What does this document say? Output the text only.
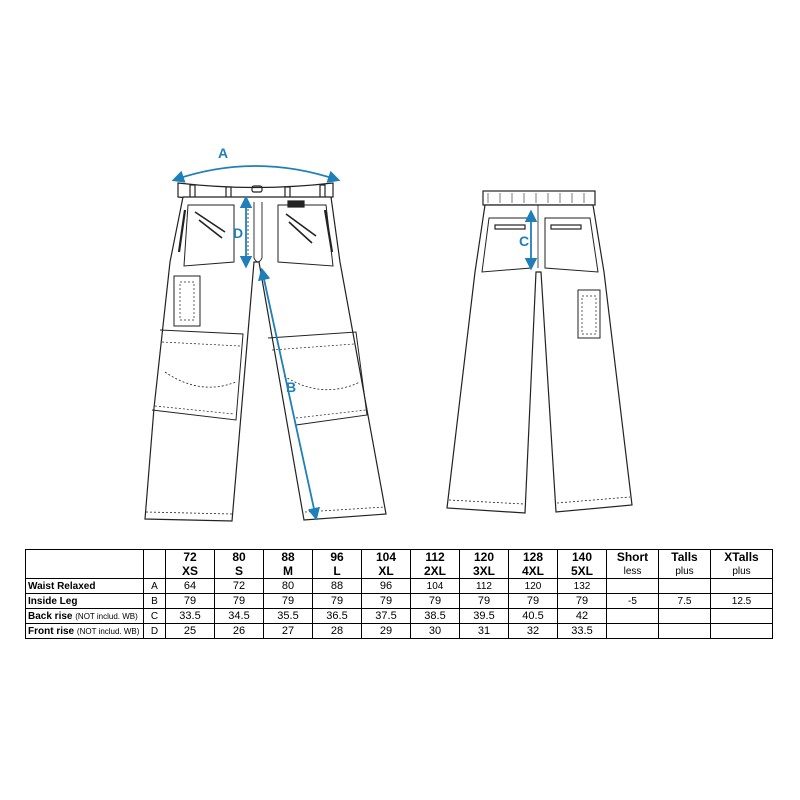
A
B
C
D
		72	80	88	96	104	112	120	128	140	Short	Talls	XTalls
		XS	S	M	L	XL	2XL	3XL	4XL	5XL	less	plus	plus
Waist Relaxed	A	64	72	80	88	96	104	112	120	132			
Inside Leg	B	79	79	79	79	79	79	79	79	79	-5	7.5	12.5
Back rise (NOT includ. WB)	C	33.5	34.5	35.5	36.5	37.5	38.5	39.5	40.5	42			
Front rise (NOT includ. WB)	D	25	26	27	28	29	30	31	32	33.5			
